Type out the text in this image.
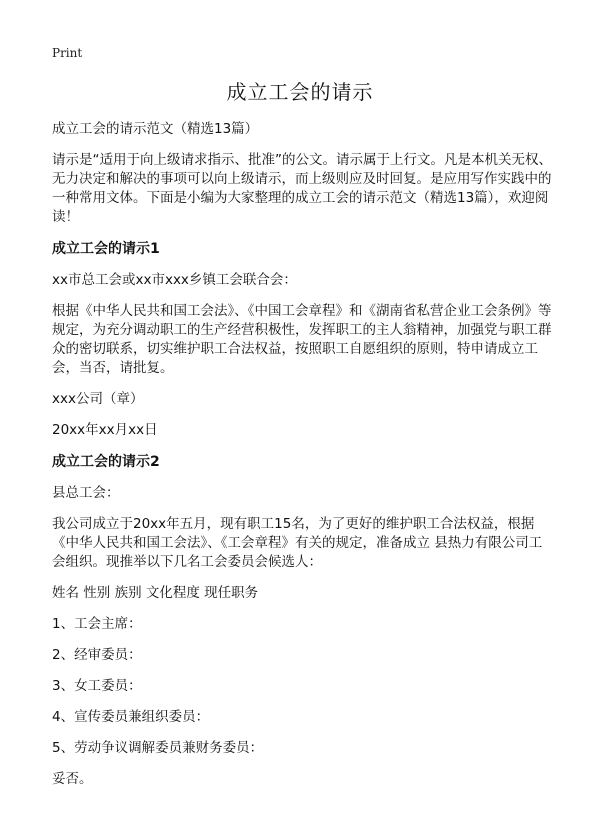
Print
成立工会的请示

成立工会的请示范文（精选13篇）

请示是“适用于向上级请求指示、批准”的公文。请示属于上行文。凡是本机关无权、无力决定和解决的事项可以向上级请示，而上级则应及时回复。是应用写作实践中的一种常用文体。下面是小编为大家整理的成立工会的请示范文（精选13篇），欢迎阅读！

成立工会的请示1

xx市总工会或xx市xxx乡镇工会联合会：

根据《中华人民共和国工会法》、《中国工会章程》和《湖南省私营企业工会条例》等规定，为充分调动职工的生产经营积极性，发挥职工的主人翁精神，加强党与职工群众的密切联系，切实维护职工合法权益，按照职工自愿组织的原则，特申请成立工会，当否，请批复。

xxx公司（章）

20xx年xx月xx日

成立工会的请示2

县总工会：

我公司成立于20xx年五月，现有职工15名，为了更好的维护职工合法权益，根据《中华人民共和国工会法》、《工会章程》有关的规定，准备成立 县热力有限公司工会组织。现推举以下几名工会委员会候选人：

姓名 性别 族别 文化程度 现任职务

1、工会主席：

2、经审委员：

3、女工委员：

4、宣传委员兼组织委员：

5、劳动争议调解委员兼财务委员：

妥否。
